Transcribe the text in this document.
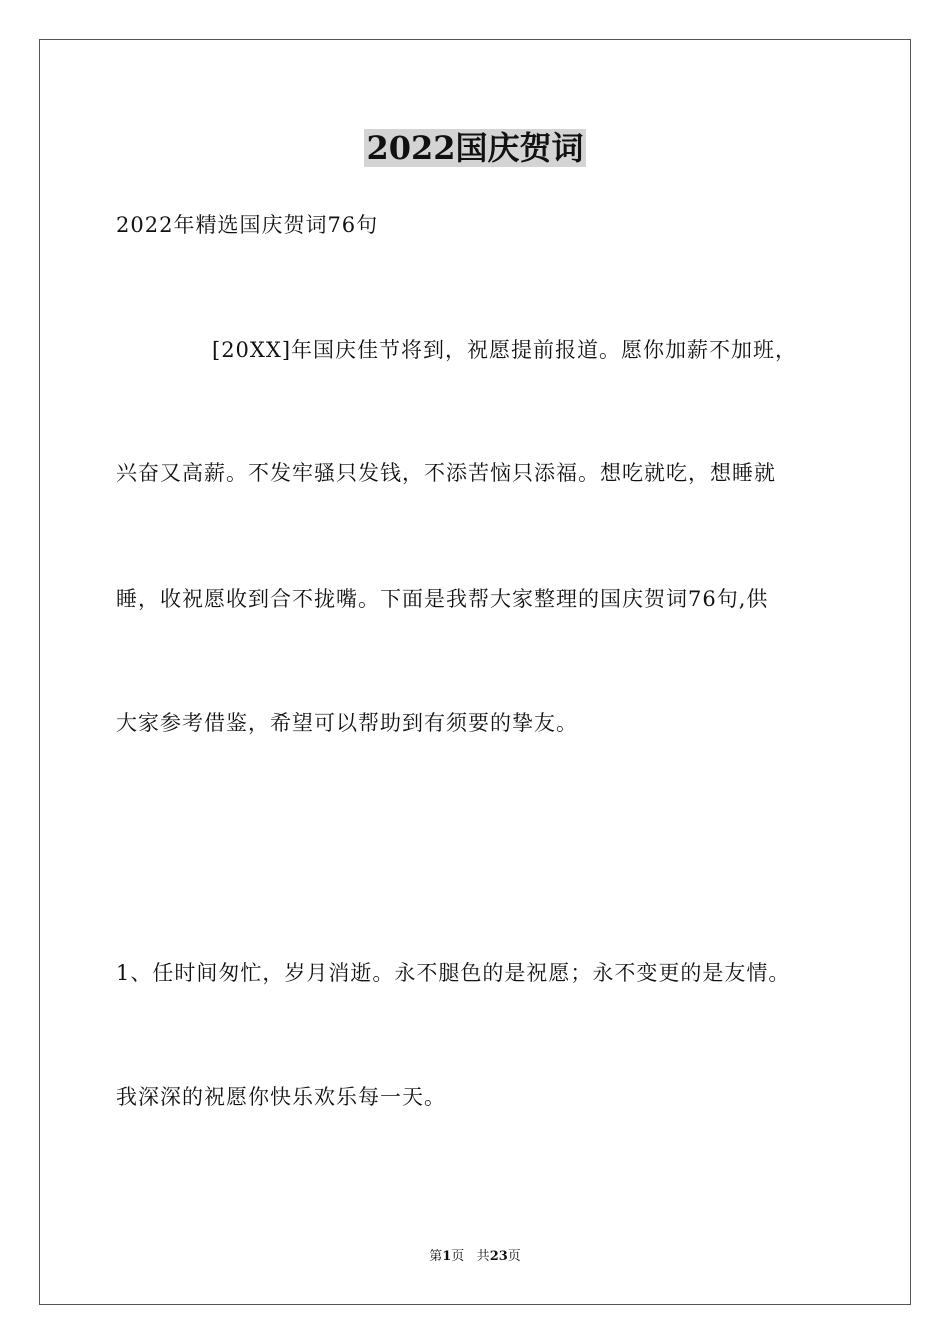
2022国庆贺词
2022年精选国庆贺词76句
[20XX]年国庆佳节将到，祝愿提前报道。愿你加薪不加班，
兴奋又高薪。不发牢骚只发钱，不添苦恼只添福。想吃就吃，想睡就
睡，收祝愿收到合不拢嘴。下面是我帮大家整理的国庆贺词76句,供
大家参考借鉴，希望可以帮助到有须要的挚友。
1、任时间匆忙，岁月消逝。永不腿色的是祝愿；永不变更的是友情。
我深深的祝愿你快乐欢乐每一天。
第1页 共23页
